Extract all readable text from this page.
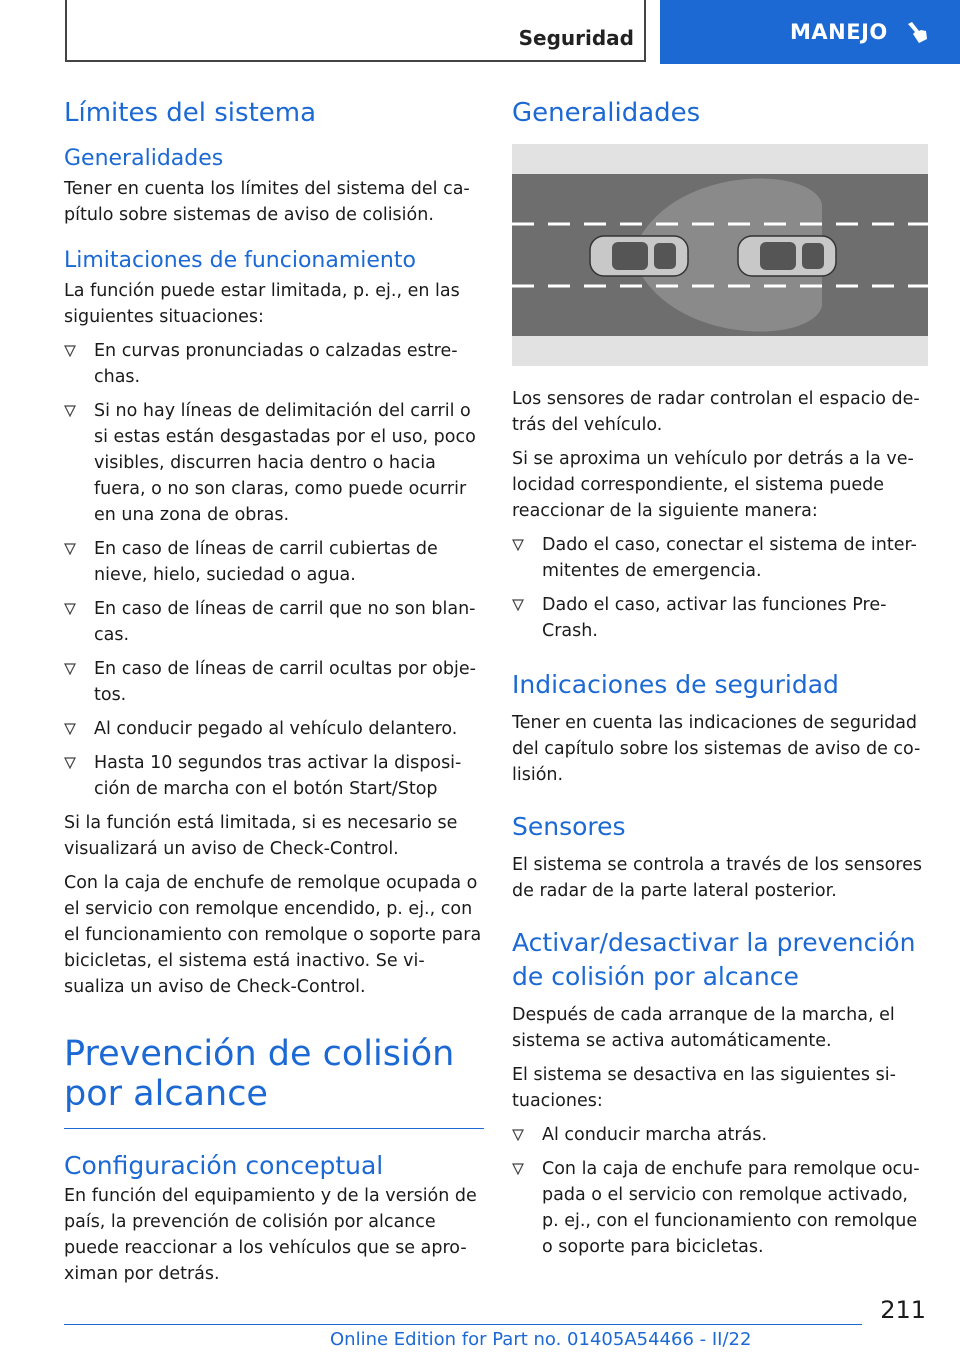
Seguridad	MANEJO
Límites del sistema
Generalidades

Tener en cuenta los límites del sistema del ca-pítulo sobre sistemas de aviso de colisión.

Limitaciones de funcionamiento

La función puede estar limitada, p. ej., en las siguientes situaciones:

En curvas pronunciadas o calzadas estre-chas.
Si no hay líneas de delimitación del carril o si estas están desgastadas por el uso, poco visibles, discurren hacia dentro o hacia fuera, o no son claras, como puede ocurrir en una zona de obras.
En caso de líneas de carril cubiertas de nieve, hielo, suciedad o agua.
En caso de líneas de carril que no son blan-cas.
En caso de líneas de carril ocultas por obje-tos.
Al conducir pegado al vehículo delantero.
Hasta 10 segundos tras activar la disposi-ción de marcha con el botón Start/Stop

Si la función está limitada, si es necesario se visualizará un aviso de Check-Control.

Con la caja de enchufe de remolque ocupada o el servicio con remolque encendido, p. ej., con el funcionamiento con remolque o soporte para bicicletas, el sistema está inactivo. Se vi-sualiza un aviso de Check-Control.

Prevención de colisión por alcance
Configuración conceptual

En función del equipamiento y de la versión de país, la prevención de colisión por alcance puede reaccionar a los vehículos que se apro-ximan por detrás.

Generalidades

Los sensores de radar controlan el espacio de-trás del vehículo.

Si se aproxima un vehículo por detrás a la ve-locidad correspondiente, el sistema puede reaccionar de la siguiente manera:

Dado el caso, conectar el sistema de inter-mitentes de emergencia.
Dado el caso, activar las funciones Pre-Crash.
Indicaciones de seguridad

Tener en cuenta las indicaciones de seguridad del capítulo sobre los sistemas de aviso de co-lisión.

Sensores

El sistema se controla a través de los sensores de radar de la parte lateral posterior.

Activar/desactivar la prevención de colisión por alcance

Después de cada arranque de la marcha, el sistema se activa automáticamente.

El sistema se desactiva en las siguientes si-tuaciones:

Al conducir marcha atrás.
Con la caja de enchufe para remolque ocu-pada o el servicio con remolque activado, p. ej., con el funcionamiento con remolque o soporte para bicicletas.
211
Online Edition for Part no. 01405A54466 - II/22
